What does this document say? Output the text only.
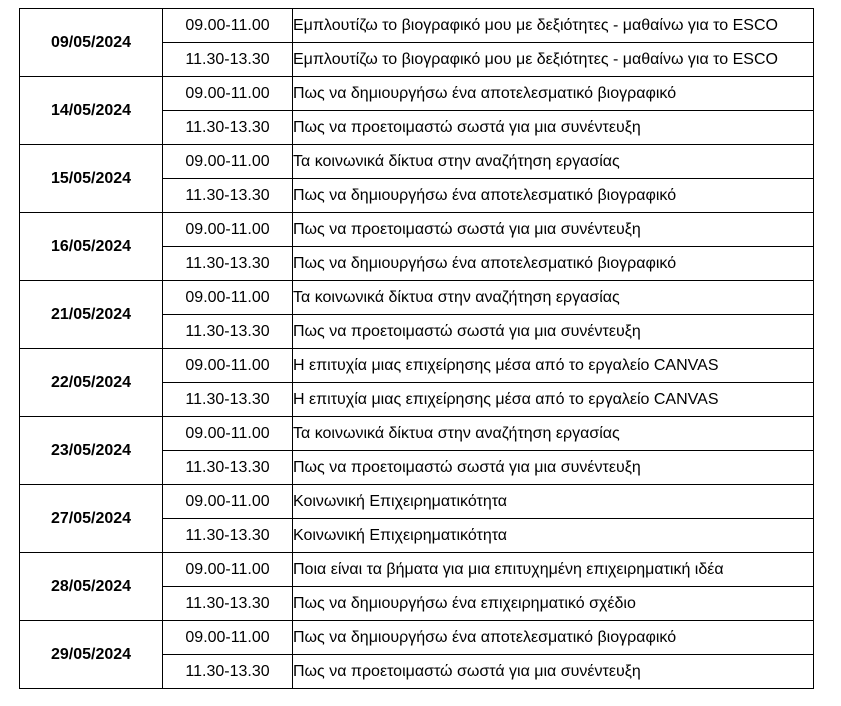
09/05/2024	09.00-11.00	Εμπλουτίζω το βιογραφικό μου με δεξιότητες - μαθαίνω για το ESCO
	11.30-13.30	Εμπλουτίζω το βιογραφικό μου με δεξιότητες - μαθαίνω για το ESCO
14/05/2024	09.00-11.00	Πως να δημιουργήσω ένα αποτελεσματικό βιογραφικό
	11.30-13.30	Πως να προετοιμαστώ σωστά για μια συνέντευξη
15/05/2024	09.00-11.00	Τα κοινωνικά δίκτυα στην αναζήτηση εργασίας
	11.30-13.30	Πως να δημιουργήσω ένα αποτελεσματικό βιογραφικό
16/05/2024	09.00-11.00	Πως να προετοιμαστώ σωστά για μια συνέντευξη
	11.30-13.30	Πως να δημιουργήσω ένα αποτελεσματικό βιογραφικό
21/05/2024	09.00-11.00	Τα κοινωνικά δίκτυα στην αναζήτηση εργασίας
	11.30-13.30	Πως να προετοιμαστώ σωστά για μια συνέντευξη
22/05/2024	09.00-11.00	Η επιτυχία μιας επιχείρησης μέσα από το εργαλείο CANVAS
	11.30-13.30	Η επιτυχία μιας επιχείρησης μέσα από το εργαλείο CANVAS
23/05/2024	09.00-11.00	Τα κοινωνικά δίκτυα στην αναζήτηση εργασίας
	11.30-13.30	Πως να προετοιμαστώ σωστά για μια συνέντευξη
27/05/2024	09.00-11.00	Κοινωνική Επιχειρηματικότητα
	11.30-13.30	Κοινωνική Επιχειρηματικότητα
28/05/2024	09.00-11.00	Ποια είναι τα βήματα για μια επιτυχημένη επιχειρηματική ιδέα
	11.30-13.30	Πως να δημιουργήσω ένα επιχειρηματικό σχέδιο
29/05/2024	09.00-11.00	Πως να δημιουργήσω ένα αποτελεσματικό βιογραφικό
	11.30-13.30	Πως να προετοιμαστώ σωστά για μια συνέντευξη
